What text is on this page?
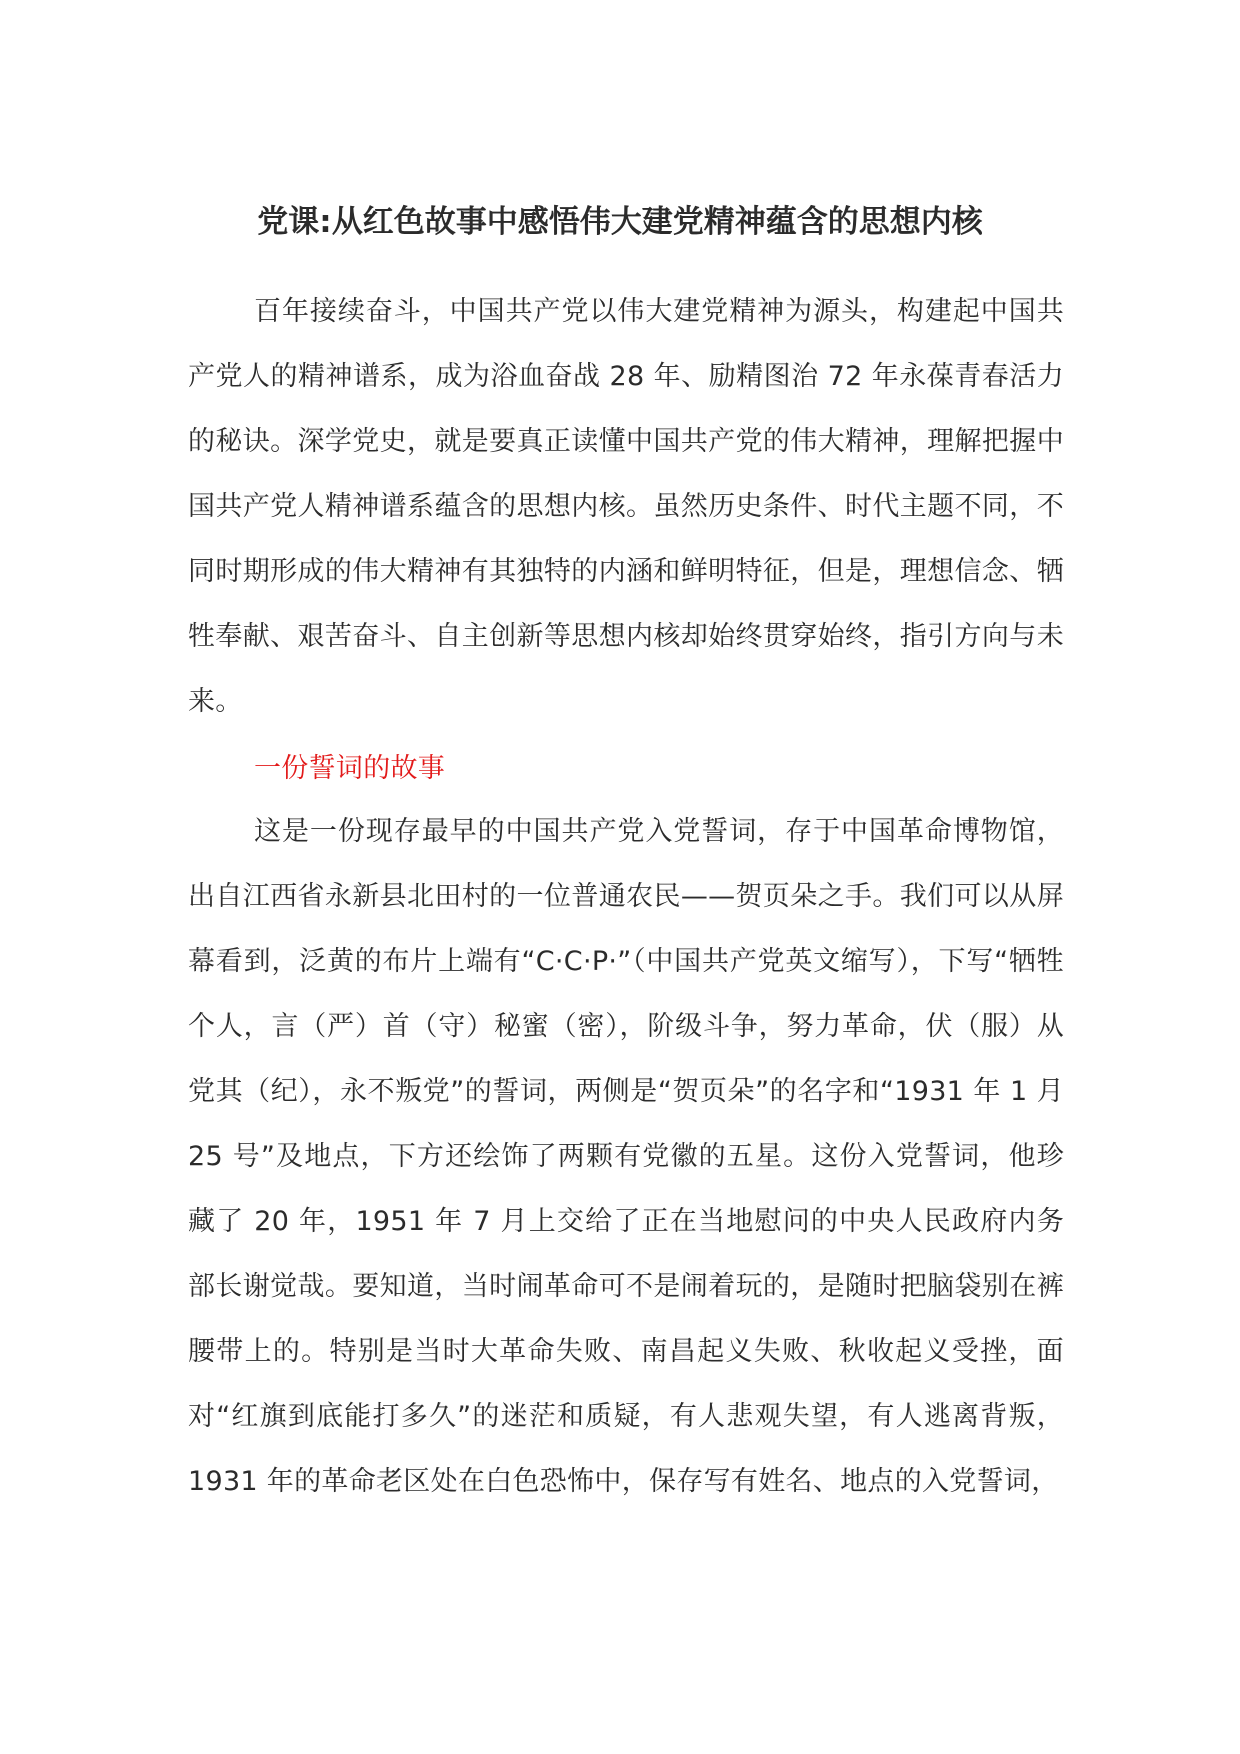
党课:从红色故事中感悟伟大建党精神蕴含的思想内核

百年接续奋斗，中国共产党以伟大建党精神为源头，构建起中国共产党人的精神谱系，成为浴血奋战 28 年、励精图治 72 年永葆青春活力的秘诀。深学党史，就是要真正读懂中国共产党的伟大精神，理解把握中国共产党人精神谱系蕴含的思想内核。虽然历史条件、时代主题不同，不同时期形成的伟大精神有其独特的内涵和鲜明特征，但是，理想信念、牺牲奉献、艰苦奋斗、自主创新等思想内核却始终贯穿始终，指引方向与未来。

一份誓词的故事

这是一份现存最早的中国共产党入党誓词，存于中国革命博物馆，出自江西省永新县北田村的一位普通农民——贺页朵之手。我们可以从屏幕看到，泛黄的布片上端有“C·C·P·”（中国共产党英文缩写），下写“牺牲个人，言（严）首（守）秘蜜（密），阶级斗争，努力革命，伏（服）从党其（纪），永不叛党”的誓词，两侧是“贺页朵”的名字和“1931 年 1 月 25 号”及地点，下方还绘饰了两颗有党徽的五星。这份入党誓词，他珍藏了 20 年，1951 年 7 月上交给了正在当地慰问的中央人民政府内务部长谢觉哉。要知道，当时闹革命可不是闹着玩的，是随时把脑袋别在裤腰带上的。特别是当时大革命失败、南昌起义失败、秋收起义受挫，面对“红旗到底能打多久”的迷茫和质疑，有人悲观失望，有人逃离背叛，1931 年的革命老区处在白色恐怖中，保存写有姓名、地点的入党誓词，
